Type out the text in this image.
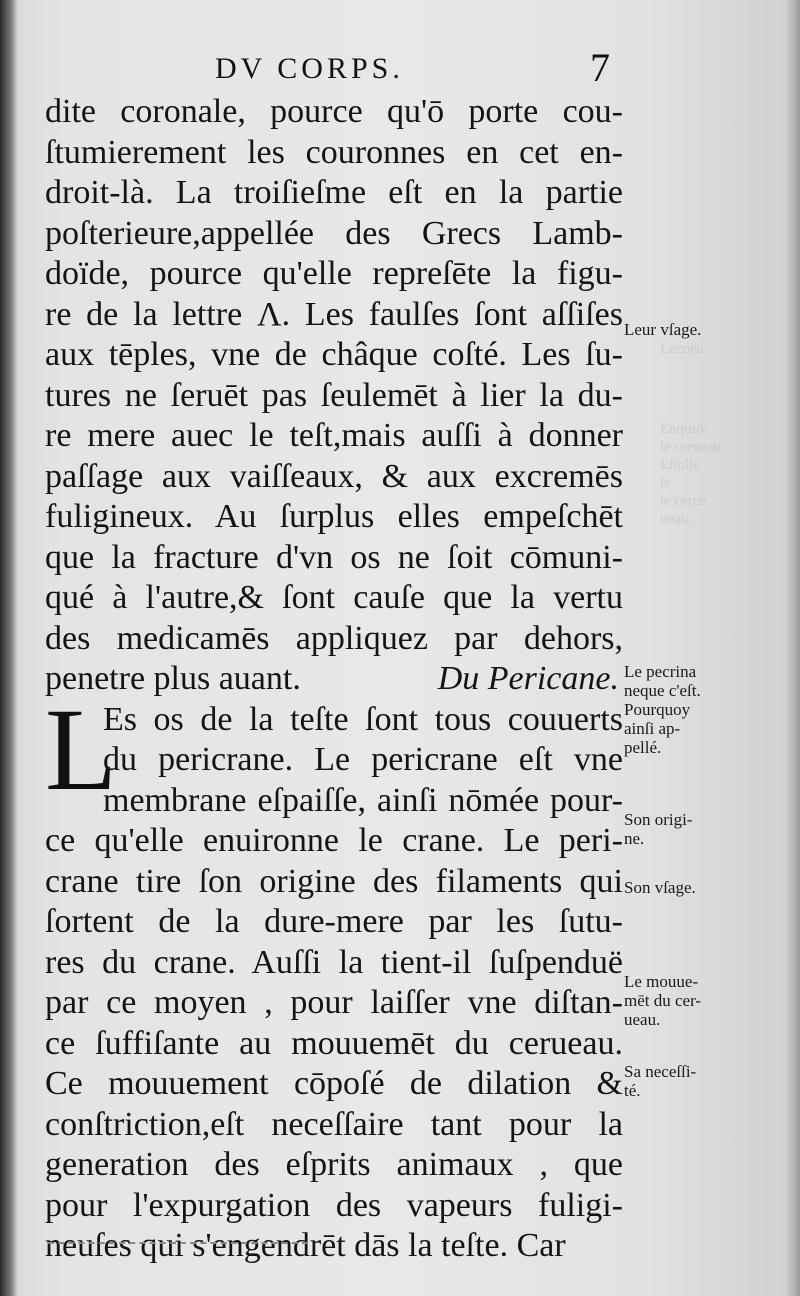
Lecoeu
Enquoy
le cerueau
Eſtoile
ſe
le cerce
ueau.
DV CORPS.	7
dite coronale, pource qu'ō porte cou-
ſtumierement les couronnes en cet en-
droit-là. La troiſieſme eſt en la partie
poſterieure,appellée des Grecs Lamb-
doïde, pource qu'elle repreſēte la figu-
re de la lettre Λ. Les faulſes ſont aſſiſes
aux tēples, vne de châque coſté. Les ſu-
tures ne ſeruēt pas ſeulemēt à lier la du-
re mere auec le teſt,mais auſſi à donner
paſſage aux vaiſſeaux, & aux excremēs
fuligineux. Au ſurplus elles empeſchēt
que la fracture d'vn os ne ſoit cōmuni-
qué à l'autre,& ſont cauſe que la vertu
des medicamēs appliquez par dehors,
penetre plus auant.	Du Pericane.
L
Es os de la teſte ſont tous couuerts
du pericrane. Le pericrane eſt vne
membrane eſpaiſſe, ainſi nōmée pour-
ce qu'elle enuironne le crane. Le peri-
crane tire ſon origine des filaments qui
ſortent de la dure-mere par les ſutu-
res du crane. Auſſi la tient-il ſuſpenduë
par ce moyen , pour laiſſer vne diſtan-
ce ſuffiſante au mouuemēt du cerueau.
Ce mouuement cōpoſé de dilation &
conſtriction,eſt neceſſaire tant pour la
generation des eſprits animaux , que
pour l'expurgation des vapeurs fuligi-
neuſes qui s'engendrēt dās la teſte. Car
Leur vſage.
Le pecrina
neque c'eſt.
Pourquoy
ainſi ap-
pellé.
Son origi-
ne.
Son vſage.
Le mouue-
mēt du cer-
ueau.
Sa neceſſi-
té.
